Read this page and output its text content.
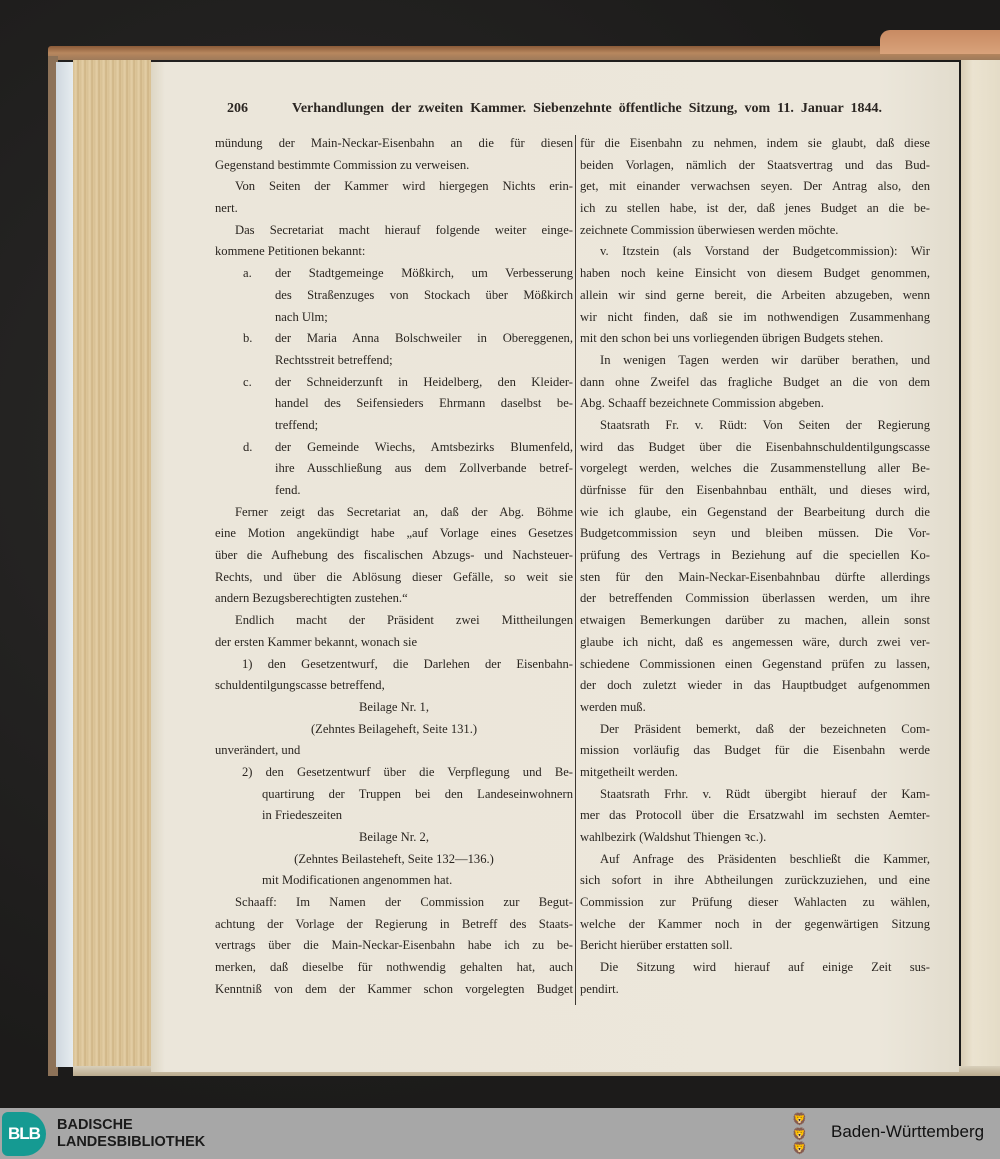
206	Verhandlungen der zweiten Kammer. Siebenzehnte öffentliche Sitzung, vom 11. Januar 1844.
mündung der Main-Neckar-Eisenbahn an die für diesen
Gegenstand bestimmte Commission zu verweisen.
Von Seiten der Kammer wird hiergegen Nichts erin-
nert.
Das Secretariat macht hierauf folgende weiter einge-
kommene Petitionen bekannt:
a. der Stadtgemeinge Mößkirch, um Verbesserung
des Straßenzuges von Stockach über Mößkirch
nach Ulm;
b. der Maria Anna Bolschweiler in Obereggenen,
Rechtsstreit betreffend;
c. der Schneiderzunft in Heidelberg, den Kleider-
handel des Seifensieders Ehrmann daselbst be-
treffend;
d. der Gemeinde Wiechs, Amtsbezirks Blumenfeld,
ihre Ausschließung aus dem Zollverbande betref-
fend.
Ferner zeigt das Secretariat an, daß der Abg. Böhme
eine Motion angekündigt habe „auf Vorlage eines Gesetzes
über die Aufhebung des fiscalischen Abzugs- und Nachsteuer-
Rechts, und über die Ablösung dieser Gefälle, so weit sie
andern Bezugsberechtigten zustehen.“
Endlich macht der Präsident zwei Mittheilungen
der ersten Kammer bekannt, wonach sie
1) den Gesetzentwurf, die Darlehen der Eisenbahn-
schuldentilgungscasse betreffend,
Beilage Nr. 1,
(Zehntes Beilageheft, Seite 131.)
unverändert, und
2) den Gesetzentwurf über die Verpflegung und Be-
quartirung der Truppen bei den Landeseinwohnern
in Friedeszeiten
Beilage Nr. 2,
(Zehntes Beilasteheft, Seite 132—136.)
mit Modificationen angenommen hat.
Schaaff: Im Namen der Commission zur Begut-
achtung der Vorlage der Regierung in Betreff des Staats-
vertrags über die Main-Neckar-Eisenbahn habe ich zu be-
merken, daß dieselbe für nothwendig gehalten hat, auch
Kenntniß von dem der Kammer schon vorgelegten Budget
für die Eisenbahn zu nehmen, indem sie glaubt, daß diese
beiden Vorlagen, nämlich der Staatsvertrag und das Bud-
get, mit einander verwachsen seyen. Der Antrag also, den
ich zu stellen habe, ist der, daß jenes Budget an die be-
zeichnete Commission überwiesen werden möchte.
v. Itzstein (als Vorstand der Budgetcommission): Wir
haben noch keine Einsicht von diesem Budget genommen,
allein wir sind gerne bereit, die Arbeiten abzugeben, wenn
wir nicht finden, daß sie im nothwendigen Zusammenhang
mit den schon bei uns vorliegenden übrigen Budgets stehen.
In wenigen Tagen werden wir darüber berathen, und
dann ohne Zweifel das fragliche Budget an die von dem
Abg. Schaaff bezeichnete Commission abgeben.
Staatsrath Fr. v. Rüdt: Von Seiten der Regierung
wird das Budget über die Eisenbahnschuldentilgungscasse
vorgelegt werden, welches die Zusammenstellung aller Be-
dürfnisse für den Eisenbahnbau enthält, und dieses wird,
wie ich glaube, ein Gegenstand der Bearbeitung durch die
Budgetcommission seyn und bleiben müssen. Die Vor-
prüfung des Vertrags in Beziehung auf die speciellen Ko-
sten für den Main-Neckar-Eisenbahnbau dürfte allerdings
der betreffenden Commission überlassen werden, um ihre
etwaigen Bemerkungen darüber zu machen, allein sonst
glaube ich nicht, daß es angemessen wäre, durch zwei ver-
schiedene Commissionen einen Gegenstand prüfen zu lassen,
der doch zuletzt wieder in das Hauptbudget aufgenommen
werden muß.
Der Präsident bemerkt, daß der bezeichneten Com-
mission vorläufig das Budget für die Eisenbahn werde
mitgetheilt werden.
Staatsrath Frhr. v. Rüdt übergibt hierauf der Kam-
mer das Protocoll über die Ersatzwahl im sechsten Aemter-
wahlbezirk (Waldshut Thiengen ꝛc.).
Auf Anfrage des Präsidenten beschließt die Kammer,
sich sofort in ihre Abtheilungen zurückzuziehen, und eine
Commission zur Prüfung dieser Wahlacten zu wählen,
welche der Kammer noch in der gegenwärtigen Sitzung
Bericht hierüber erstatten soll.
Die Sitzung wird hierauf auf einige Zeit sus-
pendirt.
BLB	BADISCHE
LANDESBIBLIOTHEK
🦁
🦁
🦁
Baden-Württemberg
